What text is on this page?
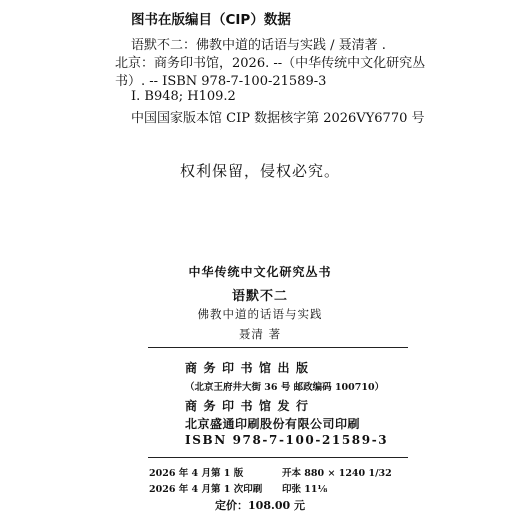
图书在版编目（CIP）数据
语默不二：佛教中道的话语与实践 / 聂清著 .
北京：商务印书馆，2026. --（中华传统中文化研究丛
书）. -- ISBN 978-7-100-21589-3
Ⅰ. B948; H109.2
中国国家版本馆 CIP 数据核字第 2026VY6770 号
权利保留，侵权必究。
中华传统中文化研究丛书
语默不二
佛教中道的话语与实践
聂清 著
商务印书馆出版
（北京王府井大街 36 号 邮政编码 100710）
商务印书馆发行
北京盛通印刷股份有限公司印刷
ISBN 978-7-100-21589-3
2026 年 4 月第 1 版
2026 年 4 月第 1 次印刷
开本 880 × 1240 1/32
印张 11⅛
定价：108.00 元
